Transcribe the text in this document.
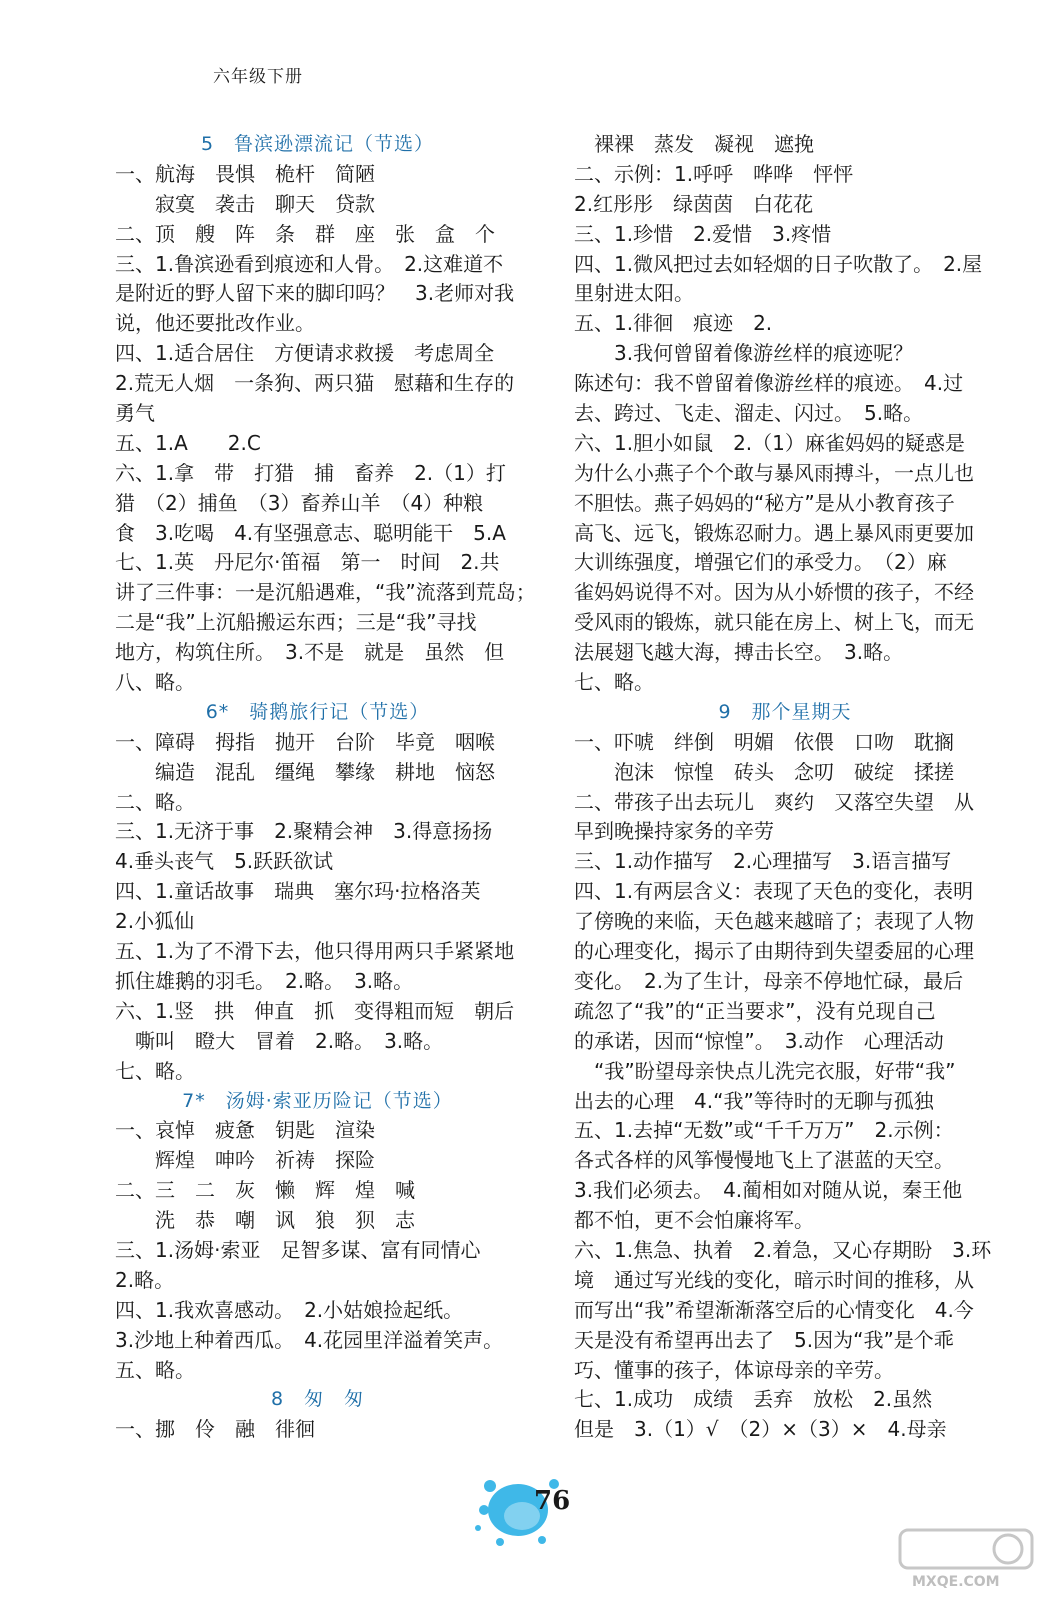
六年级下册
5　鲁滨逊漂流记（节选）
一、航海　畏惧　桅杆　简陋
　　寂寞　袭击　聊天　贷款
二、顶　艘　阵　条　群　座　张　盒　个
三、1.鲁滨逊看到痕迹和人骨。　2.这难道不
是附近的野人留下来的脚印吗？　3.老师对我
说，他还要批改作业。
四、1.适合居住　方便请求救援　考虑周全
2.荒无人烟　一条狗、两只猫　慰藉和生存的
勇气
五、1.A　　2.C
六、1.拿　带　打猎　捕　畜养　2.（1）打
猎　（2）捕鱼　（3）畜养山羊　（4）种粮
食　3.吃喝　4.有坚强意志、聪明能干　5.A
七、1.英　丹尼尔·笛福　第一　时间　2.共
讲了三件事：一是沉船遇难，“我”流落到荒岛；
二是“我”上沉船搬运东西；三是“我”寻找
地方，构筑住所。　3.不是　就是　虽然　但
八、略。
6*　骑鹅旅行记（节选）
一、障碍　拇指　抛开　台阶　毕竟　咽喉
　　编造　混乱　缰绳　攀缘　耕地　恼怒
二、略。
三、1.无济于事　2.聚精会神　3.得意扬扬
4.垂头丧气　5.跃跃欲试
四、1.童话故事　瑞典　塞尔玛·拉格洛芙
2.小狐仙
五、1.为了不滑下去，他只得用两只手紧紧地
抓住雄鹅的羽毛。　2.略。　3.略。
六、1.竖　拱　伸直　抓　变得粗而短　朝后
　嘶叫　瞪大　冒着　2.略。　3.略。
七、略。
7*　汤姆·索亚历险记（节选）
一、哀悼　疲惫　钥匙　渲染
　　辉煌　呻吟　祈祷　探险
二、三　二　灰　懒　辉　煌　喊
　　洗　恭　嘲　讽　狼　狈　志
三、1.汤姆·索亚　足智多谋、富有同情心
2.略。
四、1.我欢喜感动。　2.小姑娘捡起纸。
3.沙地上种着西瓜。　4.花园里洋溢着笑声。
五、略。
8　匆　匆
一、挪　伶　融　徘徊
　裸裸　蒸发　凝视　遮挽
二、示例：1.呼呼　哗哗　怦怦
2.红彤彤　绿茵茵　白花花
三、1.珍惜　2.爱惜　3.疼惜
四、1.微风把过去如轻烟的日子吹散了。　2.屋
里射进太阳。
五、1.徘徊　痕迹　2.
　　3.我何曾留着像游丝样的痕迹呢？
陈述句：我不曾留着像游丝样的痕迹。　4.过
去、跨过、飞走、溜走、闪过。　5.略。
六、1.胆小如鼠　2.（1）麻雀妈妈的疑惑是
为什么小燕子个个敢与暴风雨搏斗，一点儿也
不胆怯。燕子妈妈的“秘方”是从小教育孩子
高飞、远飞，锻炼忍耐力。遇上暴风雨更要加
大训练强度，增强它们的承受力。　（2）麻
雀妈妈说得不对。因为从小娇惯的孩子，不经
受风雨的锻炼，就只能在房上、树上飞，而无
法展翅飞越大海，搏击长空。　3.略。
七、略。
9　那个星期天
一、吓唬　绊倒　明媚　依偎　口吻　耽搁
　　泡沫　惊惶　砖头　念叨　破绽　揉搓
二、带孩子出去玩儿　爽约　又落空失望　从
早到晚操持家务的辛劳
三、1.动作描写　2.心理描写　3.语言描写
四、1.有两层含义：表现了天色的变化，表明
了傍晚的来临，天色越来越暗了；表现了人物
的心理变化，揭示了由期待到失望委屈的心理
变化。　2.为了生计，母亲不停地忙碌，最后
疏忽了“我”的“正当要求”，没有兑现自己
的承诺，因而“惊惶”。　3.动作　心理活动
　“我”盼望母亲快点儿洗完衣服，好带“我”
出去的心理　4.“我”等待时的无聊与孤独
五、1.去掉“无数”或“千千万万”　2.示例：
各式各样的风筝慢慢地飞上了湛蓝的天空。
3.我们必须去。　4.蔺相如对随从说，秦王他
都不怕，更不会怕廉将军。
六、1.焦急、执着　2.着急，又心存期盼　3.环
境　通过写光线的变化，暗示时间的推移，从
而写出“我”希望渐渐落空后的心情变化　4.今
天是没有希望再出去了　5.因为“我”是个乖
巧、懂事的孩子，体谅母亲的辛劳。
七、1.成功　成绩　丢弃　放松　2.虽然
但是　3.（1）√　（2）×（3）×　4.母亲
76
MXQE.COM
